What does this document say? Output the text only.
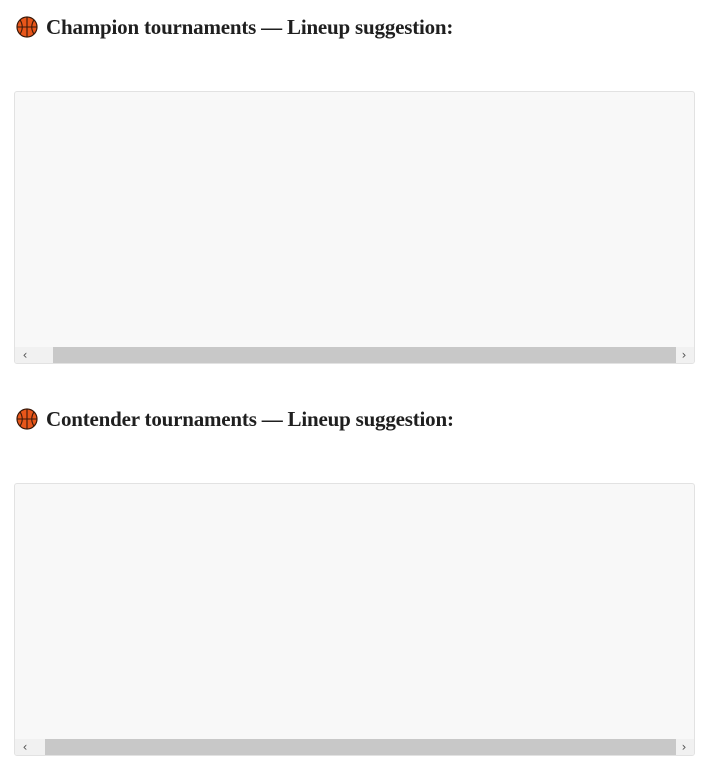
Champion tournaments — Lineup suggestion:

‹	›
Contender tournaments — Lineup suggestion:

‹	›
